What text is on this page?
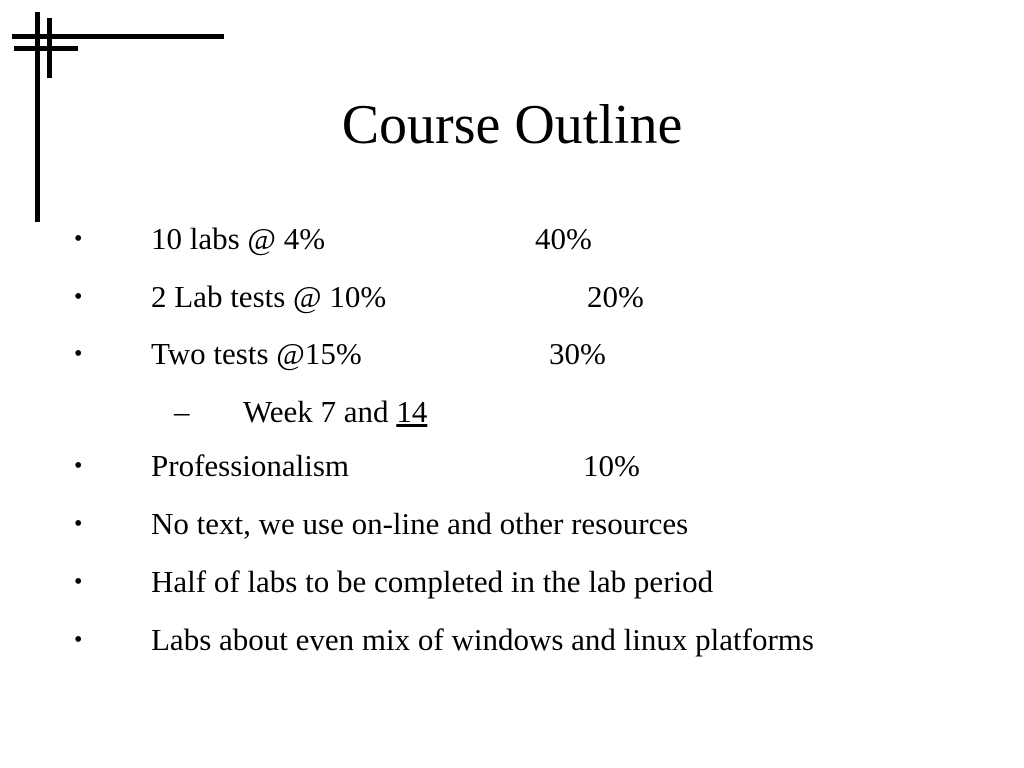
Course Outline
• 10 labs @ 4%	40%
• 2 Lab tests @ 10%	20%
• Two tests @15%	30%
– Week 7 and 14
• Professionalism	10%
• No text, we use on-line and other resources
• Half of labs to be completed in the lab period
• Labs about even mix of windows and linux platforms
